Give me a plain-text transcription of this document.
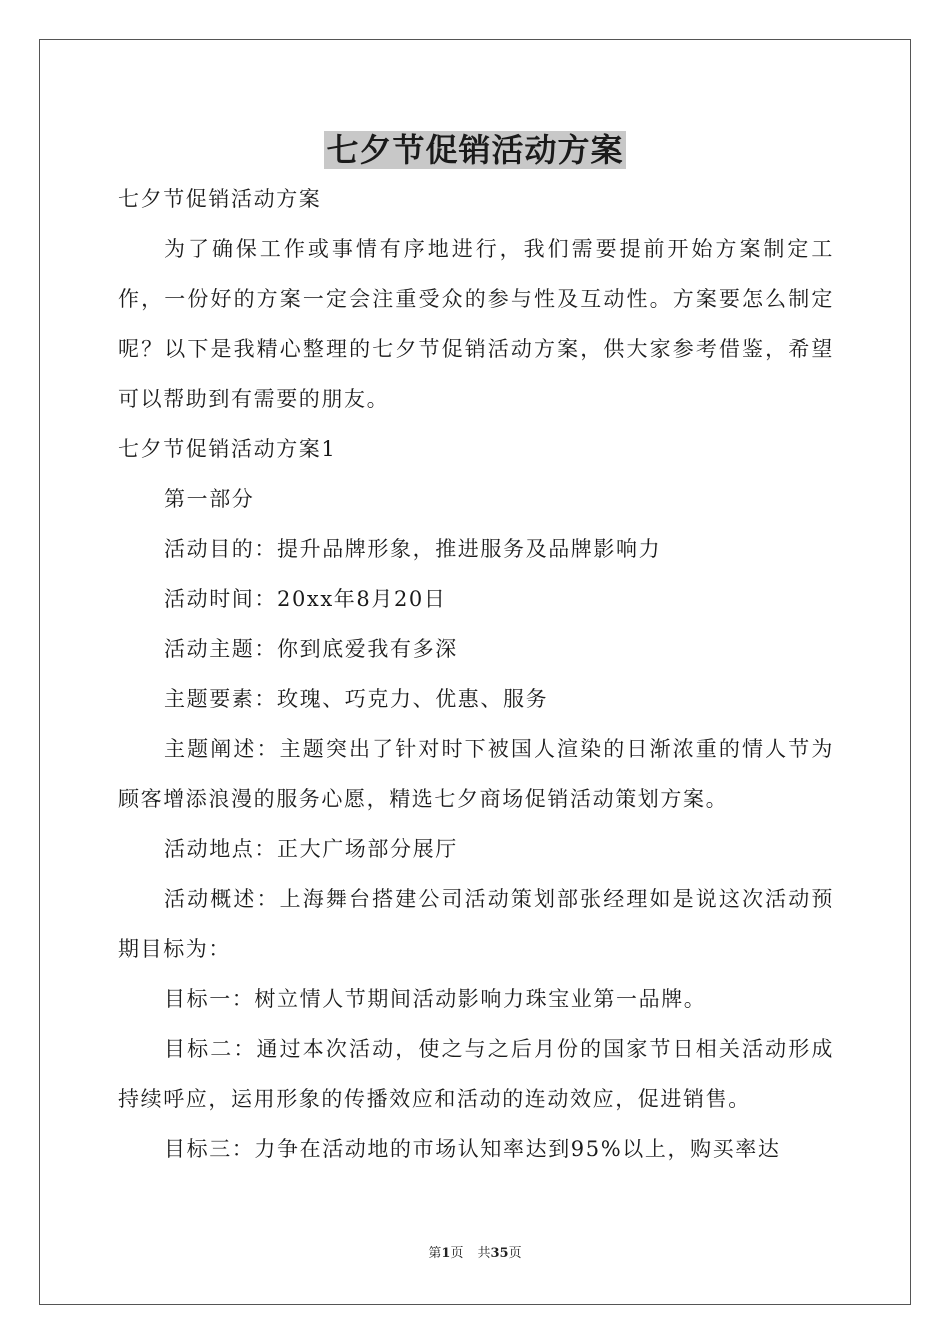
七夕节促销活动方案

七夕节促销活动方案

为了确保工作或事情有序地进行，我们需要提前开始方案制定工作，一份好的方案一定会注重受众的参与性及互动性。方案要怎么制定呢？以下是我精心整理的七夕节促销活动方案，供大家参考借鉴，希望可以帮助到有需要的朋友。

七夕节促销活动方案1

第一部分

活动目的：提升品牌形象，推进服务及品牌影响力

活动时间：20xx年8月20日

活动主题：你到底爱我有多深

主题要素：玫瑰、巧克力、优惠、服务

主题阐述：主题突出了针对时下被国人渲染的日渐浓重的情人节为顾客增添浪漫的服务心愿，精选七夕商场促销活动策划方案。

活动地点：正大广场部分展厅

活动概述：上海舞台搭建公司活动策划部张经理如是说这次活动预期目标为：

目标一：树立情人节期间活动影响力珠宝业第一品牌。

目标二：通过本次活动，使之与之后月份的国家节日相关活动形成持续呼应，运用形象的传播效应和活动的连动效应，促进销售。

目标三：力争在活动地的市场认知率达到95%以上，购买率达

第1页 共35页
